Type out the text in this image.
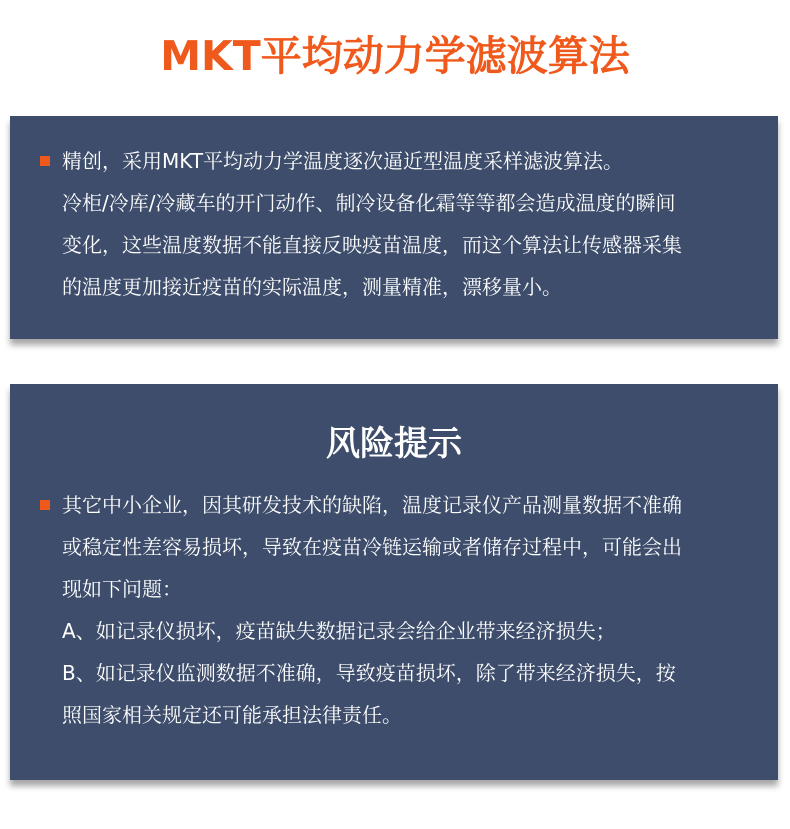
MKT平均动力学滤波算法
精创，采用MKT平均动力学温度逐次逼近型温度采样滤波算法。
冷柜/冷库/冷藏车的开门动作、制冷设备化霜等等都会造成温度的瞬间
变化，这些温度数据不能直接反映疫苗温度，而这个算法让传感器采集
的温度更加接近疫苗的实际温度，测量精准，漂移量小。
风险提示
其它中小企业，因其研发技术的缺陷，温度记录仪产品测量数据不准确
或稳定性差容易损坏，导致在疫苗冷链运输或者储存过程中，可能会出
现如下问题：
A、如记录仪损坏，疫苗缺失数据记录会给企业带来经济损失；
B、如记录仪监测数据不准确，导致疫苗损坏，除了带来经济损失，按
照国家相关规定还可能承担法律责任。
